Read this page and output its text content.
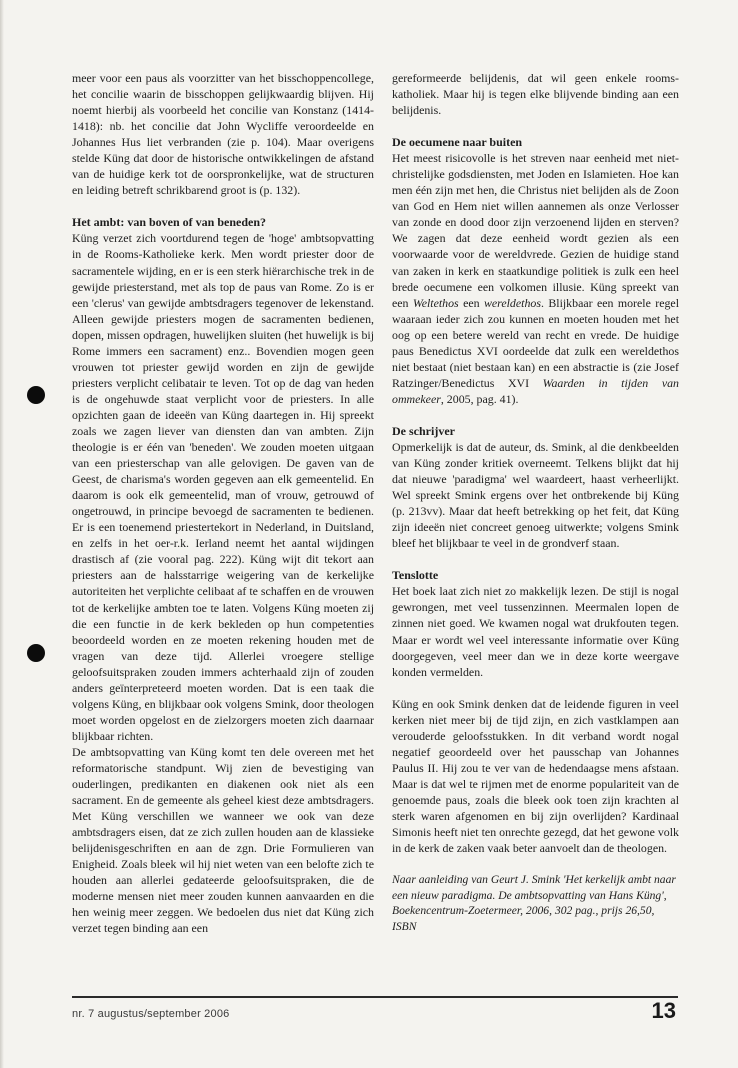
meer voor een paus als voorzitter van het bisschoppencollege, het concilie waarin de bisschoppen gelijkwaardig blijven. Hij noemt hierbij als voorbeeld het concilie van Konstanz (1414-1418): nb. het concilie dat John Wycliffe veroordeelde en Johannes Hus liet verbranden (zie p. 104). Maar overigens stelde Küng dat door de historische ontwikkelingen de afstand van de huidige kerk tot de oorspronkelijke, wat de structuren en leiding betreft schrikbarend groot is (p. 132).

Het ambt: van boven of van beneden?

Küng verzet zich voortdurend tegen de 'hoge' ambtsopvatting in de Rooms-Katholieke kerk. Men wordt priester door de sacramentele wijding, en er is een sterk hiërarchische trek in de gewijde priesterstand, met als top de paus van Rome. Zo is er een 'clerus' van gewijde ambtsdragers tegenover de lekenstand. Alleen gewijde priesters mogen de sacramenten bedienen, dopen, missen opdragen, huwelijken sluiten (het huwelijk is bij Rome immers een sacrament) enz.. Bovendien mogen geen vrouwen tot priester gewijd worden en zijn de gewijde priesters verplicht celibatair te leven. Tot op de dag van heden is de ongehuwde staat verplicht voor de priesters. In alle opzichten gaan de ideeën van Küng daartegen in. Hij spreekt zoals we zagen liever van diensten dan van ambten. Zijn theologie is er één van 'beneden'. We zouden moeten uitgaan van een priesterschap van alle gelovigen. De gaven van de Geest, de charisma's worden gegeven aan elk gemeentelid. En daarom is ook elk gemeentelid, man of vrouw, getrouwd of ongetrouwd, in principe bevoegd de sacramenten te bedienen. Er is een toenemend priestertekort in Nederland, in Duitsland, en zelfs in het oer-r.k. Ierland neemt het aantal wijdingen drastisch af (zie vooral pag. 222). Küng wijt dit tekort aan priesters aan de halsstarrige weigering van de kerkelijke autoriteiten het verplichte celibaat af te schaffen en de vrouwen tot de kerkelijke ambten toe te laten. Volgens Küng moeten zij die een functie in de kerk bekleden op hun competenties beoordeeld worden en ze moeten rekening houden met de vragen van deze tijd. Allerlei vroegere stellige geloofsuitspraken zouden immers achterhaald zijn of zouden anders geïnterpreteerd moeten worden. Dat is een taak die volgens Küng, en blijkbaar ook volgens Smink, door theologen moet worden opgelost en de zielzorgers moeten zich daarnaar blijkbaar richten.

De ambtsopvatting van Küng komt ten dele overeen met het reformatorische standpunt. Wij zien de bevestiging van ouderlingen, predikanten en diakenen ook niet als een sacrament. En de gemeente als geheel kiest deze ambtsdragers. Met Küng verschillen we wanneer we ook van deze ambtsdragers eisen, dat ze zich zullen houden aan de klassieke belijdenisgeschriften en aan de zgn. Drie Formulieren van Enigheid. Zoals bleek wil hij niet weten van een belofte zich te houden aan allerlei gedateerde geloofsuitspraken, die de moderne mensen niet meer zouden kunnen aanvaarden en die hen weinig meer zeggen. We bedoelen dus niet dat Küng zich verzet tegen binding aan een

gereformeerde belijdenis, dat wil geen enkele rooms-katholiek. Maar hij is tegen elke blijvende binding aan een belijdenis.

De oecumene naar buiten

Het meest risicovolle is het streven naar eenheid met niet-christelijke godsdiensten, met Joden en Islamieten. Hoe kan men één zijn met hen, die Christus niet belijden als de Zoon van God en Hem niet willen aannemen als onze Verlosser van zonde en dood door zijn verzoenend lijden en sterven? We zagen dat deze eenheid wordt gezien als een voorwaarde voor de wereldvrede. Gezien de huidige stand van zaken in kerk en staatkundige politiek is zulk een heel brede oecumene een volkomen illusie. Küng spreekt van een Weltethos een wereldethos. Blijkbaar een morele regel waaraan ieder zich zou kunnen en moeten houden met het oog op een betere wereld van recht en vrede. De huidige paus Benedictus XVI oordeelde dat zulk een wereldethos niet bestaat (niet bestaan kan) en een abstractie is (zie Josef Ratzinger/Benedictus XVI Waarden in tijden van ommekeer, 2005, pag. 41).

De schrijver

Opmerkelijk is dat de auteur, ds. Smink, al die denkbeelden van Küng zonder kritiek overneemt. Telkens blijkt dat hij dat nieuwe 'paradigma' wel waardeert, haast verheerlijkt. Wel spreekt Smink ergens over het ontbrekende bij Küng (p. 213vv). Maar dat heeft betrekking op het feit, dat Küng zijn ideeën niet concreet genoeg uitwerkte; volgens Smink bleef het blijkbaar te veel in de grondverf staan.

Tenslotte

Het boek laat zich niet zo makkelijk lezen. De stijl is nogal gewrongen, met veel tussenzinnen. Meermalen lopen de zinnen niet goed. We kwamen nogal wat drukfouten tegen. Maar er wordt wel veel interessante informatie over Küng doorgegeven, veel meer dan we in deze korte weergave konden vermelden.

Küng en ook Smink denken dat de leidende figuren in veel kerken niet meer bij de tijd zijn, en zich vastklampen aan verouderde geloofsstukken. In dit verband wordt nogal negatief geoordeeld over het pausschap van Johannes Paulus II. Hij zou te ver van de hedendaagse mens afstaan. Maar is dat wel te rijmen met de enorme populariteit van de genoemde paus, zoals die bleek ook toen zijn krachten al sterk waren afgenomen en bij zijn overlijden? Kardinaal Simonis heeft niet ten onrechte gezegd, dat het gewone volk in de kerk de zaken vaak beter aanvoelt dan de theologen.

Naar aanleiding van Geurt J. Smink 'Het kerkelijk ambt naar een nieuw paradigma. De ambtsopvatting van Hans Küng', Boekencentrum-Zoetermeer, 2006, 302 pag., prijs 26,50, ISBN

nr. 7 augustus/september 2006	13
